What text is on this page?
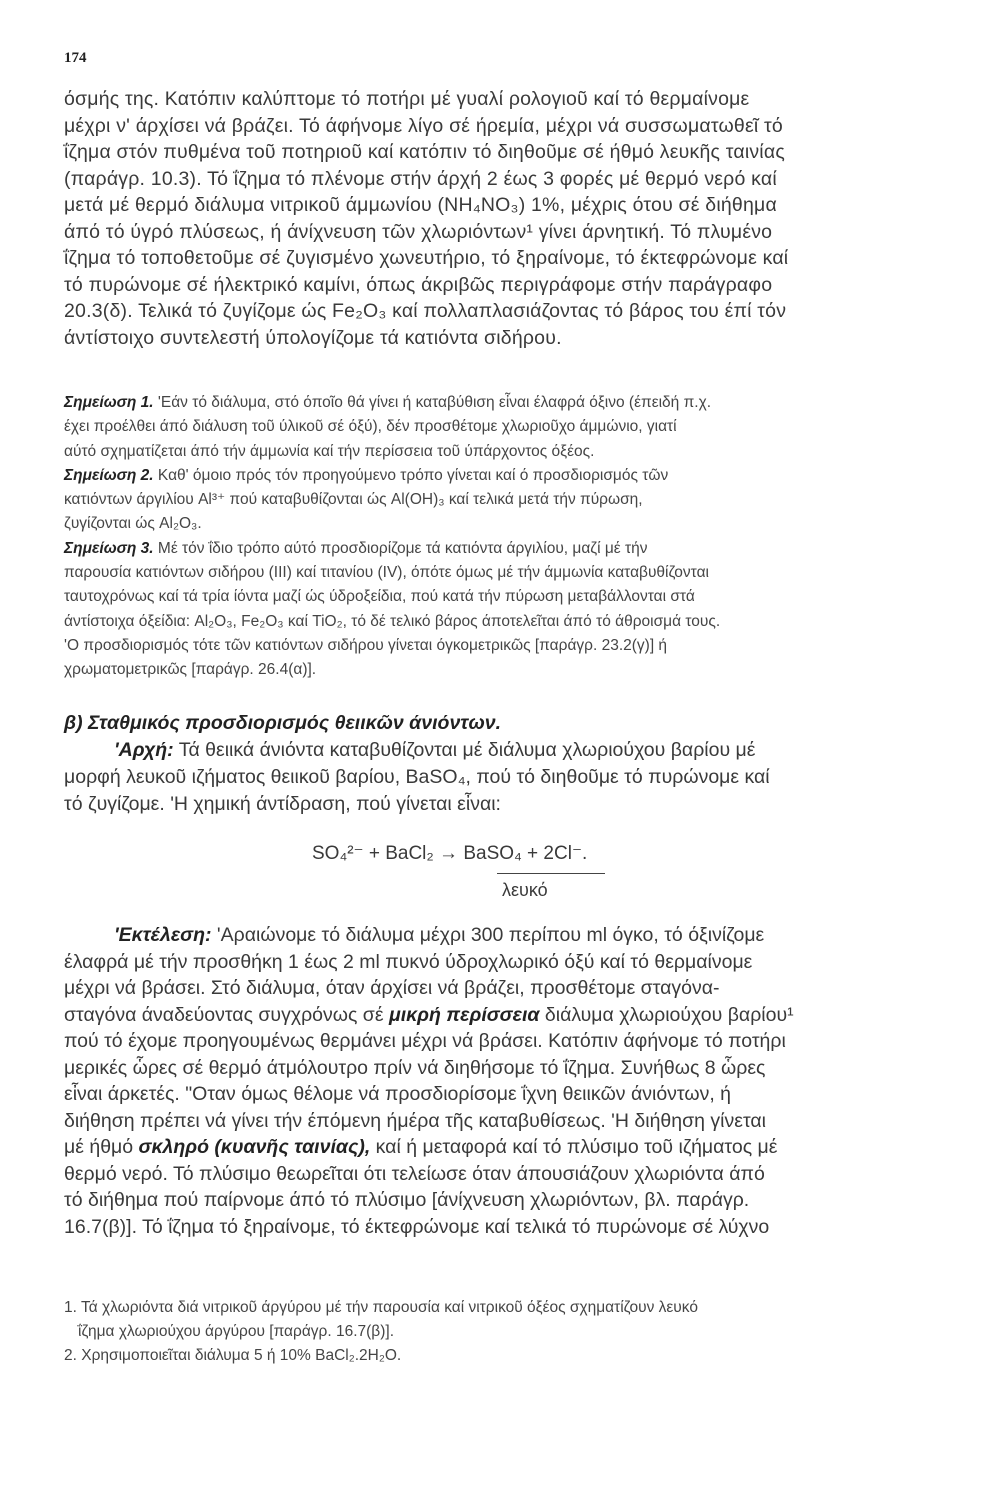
174

όσμής της. Κατόπιν καλύπτομε τό ποτήρι μέ γυαλί ρολογιοῦ καί τό θερμαίνομε

μέχρι ν' άρχίσει νά βράζει. Τό άφήνομε λίγο σέ ήρεμία, μέχρι νά συσσωματωθεῖ τό

ΐζημα στόν πυθμένα τοῦ ποτηριοῦ καί κατόπιν τό διηθοῦμε σέ ήθμό λευκῆς ταινίας

(παράγρ. 10.3). Τό ΐζημα τό πλένομε στήν άρχή 2 έως 3 φορές μέ θερμό νερό καί

μετά μέ θερμό διάλυμα νιτρικοῦ άμμωνίου (NH₄NO₃) 1%, μέχρις ότου σέ διήθημα

άπό τό ύγρό πλύσεως, ή άνίχνευση τῶν χλωριόντων¹ γίνει άρνητική. Τό πλυμένο

ΐζημα τό τοποθετοῦμε σέ ζυγισμένο χωνευτήριο, τό ξηραίνομε, τό έκτεφρώνομε καί

τό πυρώνομε σέ ήλεκτρικό καμίνι, όπως άκριβῶς περιγράφομε στήν παράγραφο

20.3(δ). Τελικά τό ζυγίζομε ώς Fe₂O₃ καί πολλαπλασιάζοντας τό βάρος του έπί τόν

άντίστοιχο συντελεστή ύπολογίζομε τά κατιόντα σιδήρου.

Σημείωση 1. 'Εάν τό διάλυμα, στό όποῖο θά γίνει ή καταβύθιση εἶναι έλαφρά όξινο (έπειδή π.χ.

έχει προέλθει άπό διάλυση τοῦ ύλικοῦ σέ όξύ), δέν προσθέτομε χλωριοῦχο άμμώνιο, γιατί

αύτό σχηματίζεται άπό τήν άμμωνία καί τήν περίσσεια τοῦ ύπάρχοντος όξέος.

Σημείωση 2. Καθ' όμοιο πρός τόν προηγούμενο τρόπο γίνεται καί ό προσδιορισμός τῶν

κατιόντων άργιλίου Al³⁺ πού καταβυθίζονται ώς Al(OH)₃ καί τελικά μετά τήν πύρωση,

ζυγίζονται ώς Al₂O₃.

Σημείωση 3. Μέ τόν ΐδιο τρόπο αύτό προσδιορίζομε τά κατιόντα άργιλίου, μαζί μέ τήν

παρουσία κατιόντων σιδήρου (ΙΙΙ) καί τιτανίου (IV), όπότε όμως μέ τήν άμμωνία καταβυθίζονται

ταυτοχρόνως καί τά τρία ίόντα μαζί ώς ύδροξείδια, πού κατά τήν πύρωση μεταβάλλονται στά

άντίστοιχα όξείδια: Al₂O₃, Fe₂O₃ καί TiO₂, τό δέ τελικό βάρος άποτελεῖται άπό τό άθροισμά τους.

'Ο προσδιορισμός τότε τῶν κατιόντων σιδήρου γίνεται όγκομετρικῶς [παράγρ. 23.2(γ)] ή

χρωματομετρικῶς [παράγρ. 26.4(α)].

β) Σταθμικός προσδιορισμός θειικῶν άνιόντων.

'Αρχή: Τά θειικά άνιόντα καταβυθίζονται μέ διάλυμα χλωριούχου βαρίου μέ

μορφή λευκοῦ ιζήματος θειικοῦ βαρίου, BaSO₄, πού τό διηθοῦμε τό πυρώνομε καί

τό ζυγίζομε. 'Η χημική άντίδραση, πού γίνεται εἶναι:

SO₄²⁻ + BaCl₂ → BaSO₄ + 2Cl⁻.
λευκό

'Εκτέλεση: 'Αραιώνομε τό διάλυμα μέχρι 300 περίπου ml όγκο, τό όξινίζομε

έλαφρά μέ τήν προσθήκη 1 έως 2 ml πυκνό ύδροχλωρικό όξύ καί τό θερμαίνομε

μέχρι νά βράσει. Στό διάλυμα, όταν άρχίσει νά βράζει, προσθέτομε σταγόνα-

σταγόνα άναδεύοντας συγχρόνως σέ μικρή περίσσεια διάλυμα χλωριούχου βαρίου¹

πού τό έχομε προηγουμένως θερμάνει μέχρι νά βράσει. Κατόπιν άφήνομε τό ποτήρι

μερικές ὧρες σέ θερμό άτμόλουτρο πρίν νά διηθήσομε τό ΐζημα. Συνήθως 8 ὧρες

εἶναι άρκετές. "Οταν όμως θέλομε νά προσδιορίσομε ΐχνη θειικῶν άνιόντων, ή

διήθηση πρέπει νά γίνει τήν έπόμενη ήμέρα τῆς καταβυθίσεως. 'Η διήθηση γίνεται

μέ ήθμό σκληρό (κυανῆς ταινίας), καί ή μεταφορά καί τό πλύσιμο τοῦ ιζήματος μέ

θερμό νερό. Τό πλύσιμο θεωρεῖται ότι τελείωσε όταν άπουσιάζουν χλωριόντα άπό

τό διήθημα πού παίρνομε άπό τό πλύσιμο [άνίχνευση χλωριόντων, βλ. παράγρ.

16.7(β)]. Τό ΐζημα τό ξηραίνομε, τό έκτεφρώνομε καί τελικά τό πυρώνομε σέ λύχνο

1. Τά χλωριόντα διά νιτρικοῦ άργύρου μέ τήν παρουσία καί νιτρικοῦ όξέος σχηματίζουν λευκό

ΐζημα χλωριούχου άργύρου [παράγρ. 16.7(β)].

2. Χρησιμοποιεῖται διάλυμα 5 ή 10% BaCl₂.2H₂O.
